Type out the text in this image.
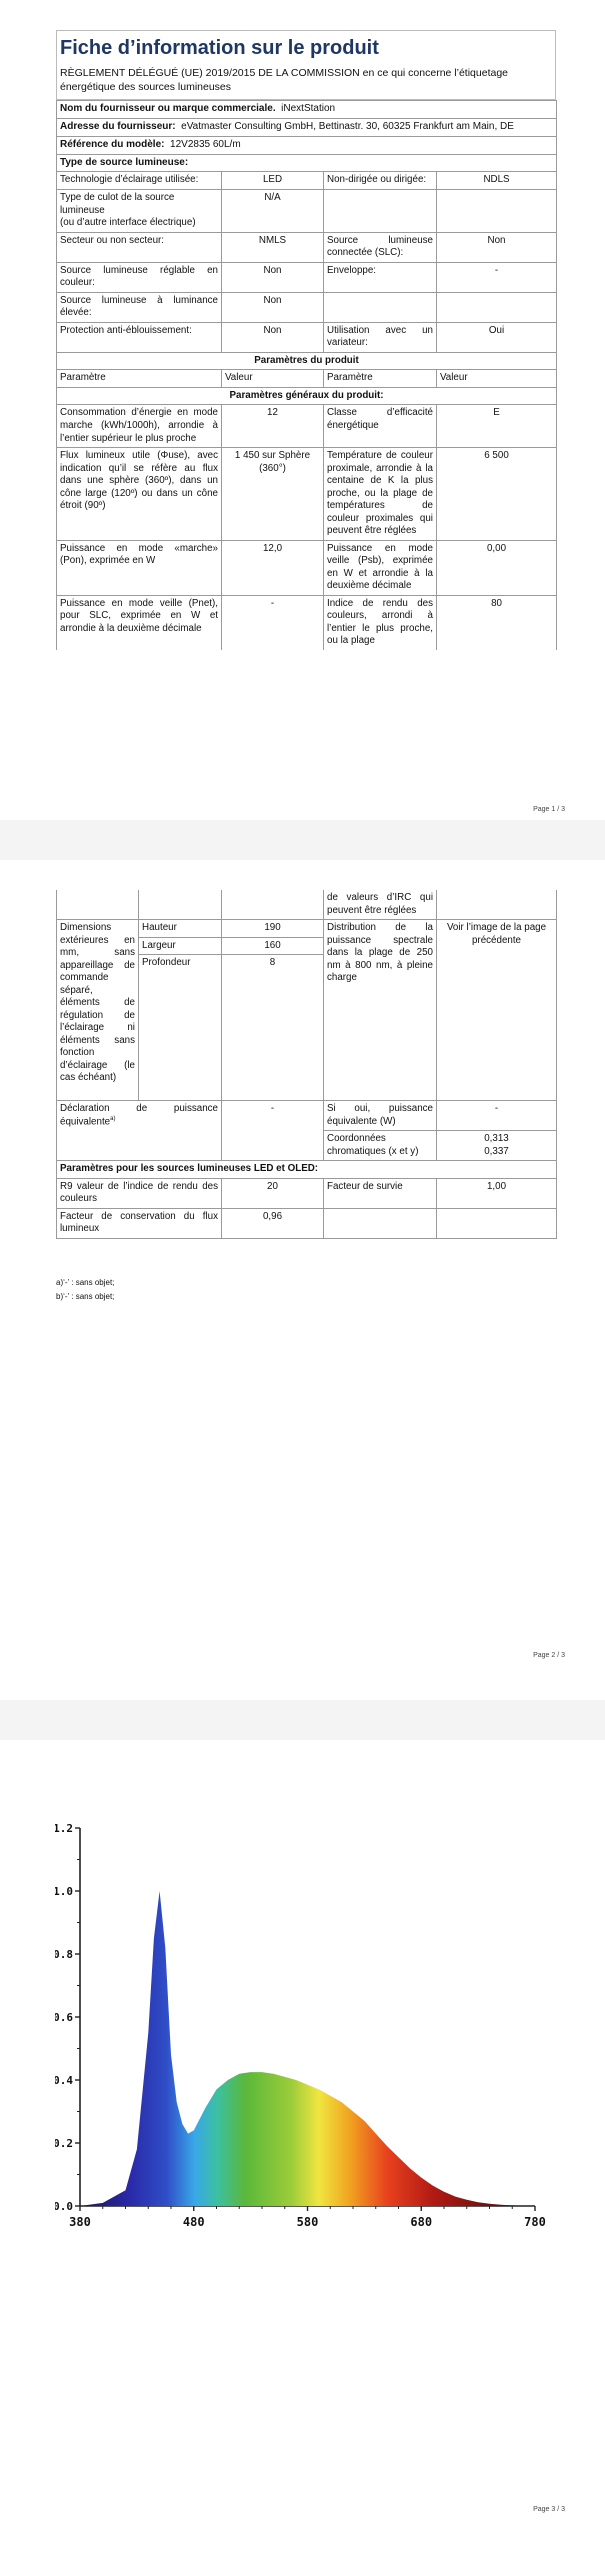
Fiche d’information sur le produit
RÈGLEMENT DÉLÉGUÉ (UE) 2019/2015 DE LA COMMISSION en ce qui concerne l’étiquetage énergétique des sources lumineuses
Nom du fournisseur ou marque commerciale. iNextStation			
Adresse du fournisseur: eVatmaster Consulting GmbH, Bettinastr. 30, 60325 Frankfurt am Main, DE			
Référence du modèle: 12V2835 60L/m			
Type de source lumineuse:			
Technologie d’éclairage utilisée:	LED	Non-dirigée ou dirigée:	NDLS
Type de culot de la source lumineuse
(ou d’autre interface électrique)	N/A		
Secteur ou non secteur:	NMLS	Source lumineuse connectée (SLC):	Non
Source lumineuse réglable en couleur:	Non	Enveloppe:	-
Source lumineuse à luminance élevée:	Non		
Protection anti-éblouissement:	Non	Utilisation avec un variateur:	Oui
Paramètres du produit			
Paramètre	Valeur	Paramètre	Valeur
Paramètres généraux du produit:			
Consommation d’énergie en mode marche (kWh/1000h), arrondie à l’entier supérieur le plus proche	12	Classe d’efficacité énergétique	E
Flux lumineux utile (Φuse), avec indication qu’il se réfère au flux dans une sphère (360º), dans un cône large (120º) ou dans un cône étroit (90º)	1 450 sur Sphère (360°)	Température de couleur proximale, arrondie à la centaine de K la plus proche, ou la plage de températures de couleur proximales qui peuvent être réglées	6 500
Puissance en mode «marche» (Pon), exprimée en W	12,0	Puissance en mode veille (Psb), exprimée en W et arrondie à la deuxième décimale	0,00
Puissance en mode veille (Pnet), pour SLC, exprimée en W et arrondie à la deuxième décimale	-	Indice de rendu des couleurs, arrondi à l’entier le plus proche, ou la plage	80
Page 1 / 3
			de valeurs d’IRC qui peuvent être réglées	
Dimensions extérieures en mm, sans appareillage de commande séparé, éléments de régulation de l’éclairage ni éléments sans fonction d’éclairage (le cas échéant)	Hauteur	190	Distribution de la puissance spectrale dans la plage de 250 nm à 800 nm, à pleine charge	Voir l’image de la page précédente
	Largeur	160		
	Profondeur	8		
Déclaration de puissance équivalente$^{a)}$		-	Si oui, puissance équivalente (W)	-
			Coordonnées chromatiques (x et y)	0,313
0,337

Paramètres pour les sources lumineuses LED et OLED:				
R9 valeur de l’indice de rendu des couleurs		20	Facteur de survie	1,00
Facteur de conservation du flux lumineux		0,96		
a)‘-’ : sans objet;
b)‘-’ : sans objet;
Page 2 / 3
Page 3 / 3
0.0
0.2
0.4
0.6
0.8
1.0
1.2
380	480	580	680	780
